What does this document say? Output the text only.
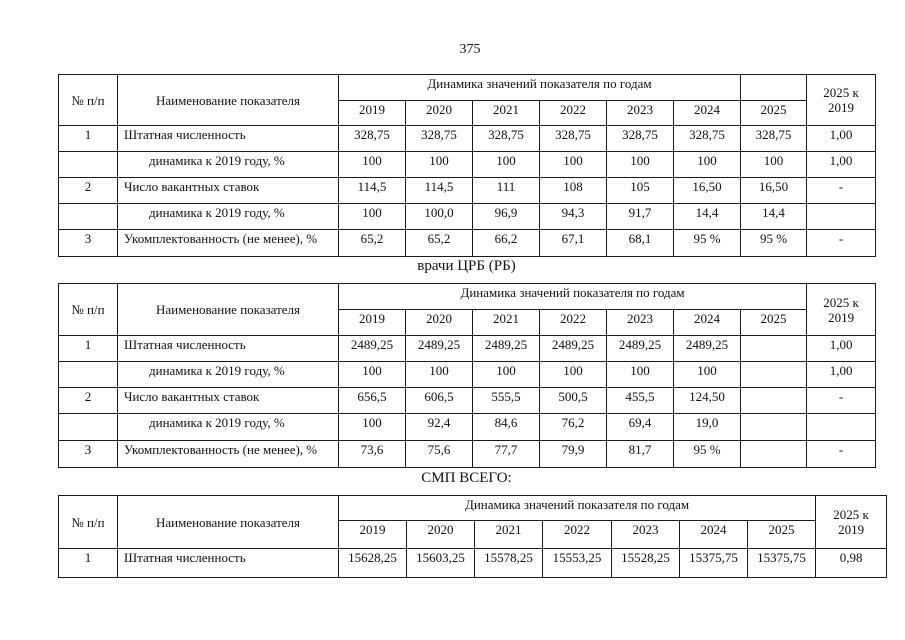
375
№ п/п	Наименование показателя	Динамика значений показателя по годам							2025 к 2019
		2019	2020	2021	2022	2023	2024	2025	
1	Штатная численность	328,75	328,75	328,75	328,75	328,75	328,75	328,75	1,00
	динамика к 2019 году, %	100	100	100	100	100	100	100	1,00
2	Число вакантных ставок	114,5	114,5	111	108	105	16,50	16,50	-
	динамика к 2019 году, %	100	100,0	96,9	94,3	91,7	14,4	14,4	
3	Укомплектованность (не менее), %	65,2	65,2	66,2	67,1	68,1	95 %	95 %	-
врачи ЦРБ (РБ)
№ п/п	Наименование показателя	Динамика значений показателя по годам							2025 к 2019
		2019	2020	2021	2022	2023	2024	2025	
1	Штатная численность	2489,25	2489,25	2489,25	2489,25	2489,25	2489,25		1,00
	динамика к 2019 году, %	100	100	100	100	100	100		1,00
2	Число вакантных ставок	656,5	606,5	555,5	500,5	455,5	124,50		-
	динамика к 2019 году, %	100	92,4	84,6	76,2	69,4	19,0		
3	Укомплектованность (не менее), %	73,6	75,6	77,7	79,9	81,7	95 %		-
СМП ВСЕГО:
№ п/п	Наименование показателя	Динамика значений показателя по годам							2025 к 2019
		2019	2020	2021	2022	2023	2024	2025	
1	Штатная численность	15628,25	15603,25	15578,25	15553,25	15528,25	15375,75	15375,75	0,98
